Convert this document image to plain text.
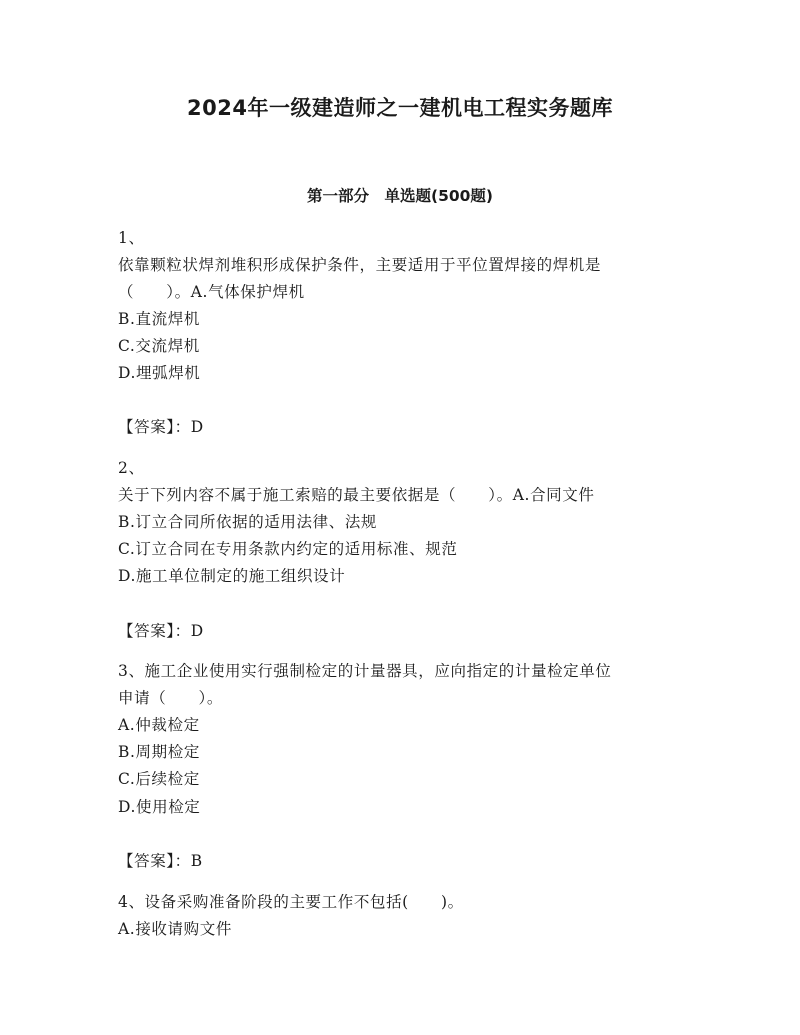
2024年一级建造师之一建机电工程实务题库
第一部分　单选题(500题)
1、
依靠颗粒状焊剂堆积形成保护条件，主要适用于平位置焊接的焊机是
（　　）。A.气体保护焊机
B.直流焊机
C.交流焊机
D.埋弧焊机
【答案】：D
2、
关于下列内容不属于施工索赔的最主要依据是（　　）。A.合同文件
B.订立合同所依据的适用法律、法规
C.订立合同在专用条款内约定的适用标准、规范
D.施工单位制定的施工组织设计
【答案】：D
3、施工企业使用实行强制检定的计量器具，应向指定的计量检定单位
申请（　　）。
A.仲裁检定
B.周期检定
C.后续检定
D.使用检定
【答案】：B
4、设备采购准备阶段的主要工作不包括(　　)。
A.接收请购文件
